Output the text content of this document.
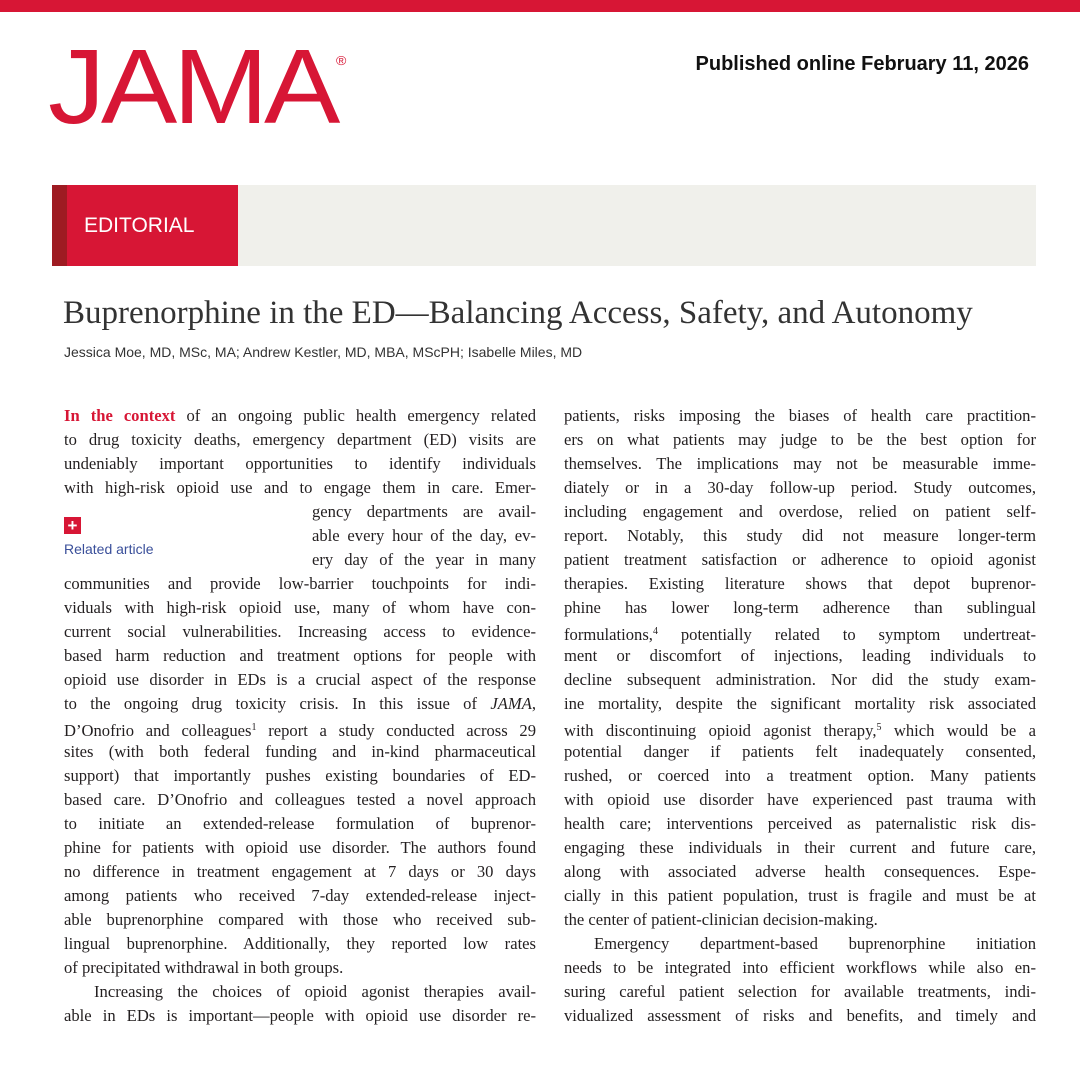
JAMA ®	Published online February 11, 2026
EDITORIAL
Buprenorphine in the ED—Balancing Access, Safety, and Autonomy
Jessica Moe, MD, MSc, MA; Andrew Kestler, MD, MBA, MScPH; Isabelle Miles, MD
In the context of an ongoing public health emergency related
to drug toxicity deaths, emergency department (ED) visits are
undeniably important opportunities to identify individuals
with high-risk opioid use and to engage them in care. Emer-
gency departments are avail-
able every hour of the day, ev-
ery day of the year in many
communities and provide low-barrier touchpoints for indi-
viduals with high-risk opioid use, many of whom have con-
current social vulnerabilities. Increasing access to evidence-
based harm reduction and treatment options for people with
opioid use disorder in EDs is a crucial aspect of the response
to the ongoing drug toxicity crisis. In this issue of JAMA,
D’Onofrio and colleagues$^1$ report a study conducted across 29
sites (with both federal funding and in-kind pharmaceutical
support) that importantly pushes existing boundaries of ED-
based care. D’Onofrio and colleagues tested a novel approach
to initiate an extended-release formulation of buprenor-
phine for patients with opioid use disorder. The authors found
no difference in treatment engagement at 7 days or 30 days
among patients who received 7-day extended-release inject-
able buprenorphine compared with those who received sub-
lingual buprenorphine. Additionally, they reported low rates
of precipitated withdrawal in both groups.
Increasing the choices of opioid agonist therapies avail-
able in EDs is important—people with opioid use disorder re-
patients, risks imposing the biases of health care practition-
ers on what patients may judge to be the best option for
themselves. The implications may not be measurable imme-
diately or in a 30-day follow-up period. Study outcomes,
including engagement and overdose, relied on patient self-
report. Notably, this study did not measure longer-term
patient treatment satisfaction or adherence to opioid agonist
therapies. Existing literature shows that depot buprenor-
phine has lower long-term adherence than sublingual
formulations,$^4$ potentially related to symptom undertreat-
ment or discomfort of injections, leading individuals to
decline subsequent administration. Nor did the study exam-
ine mortality, despite the significant mortality risk associated
with discontinuing opioid agonist therapy,$^5$ which would be a
potential danger if patients felt inadequately consented,
rushed, or coerced into a treatment option. Many patients
with opioid use disorder have experienced past trauma with
health care; interventions perceived as paternalistic risk dis-
engaging these individuals in their current and future care,
along with associated adverse health consequences. Espe-
cially in this patient population, trust is fragile and must be at
the center of patient-clinician decision-making.
Emergency department-based buprenorphine initiation
needs to be integrated into efficient workflows while also en-
suring careful patient selection for available treatments, indi-
vidualized assessment of risks and benefits, and timely and
+
Related article
